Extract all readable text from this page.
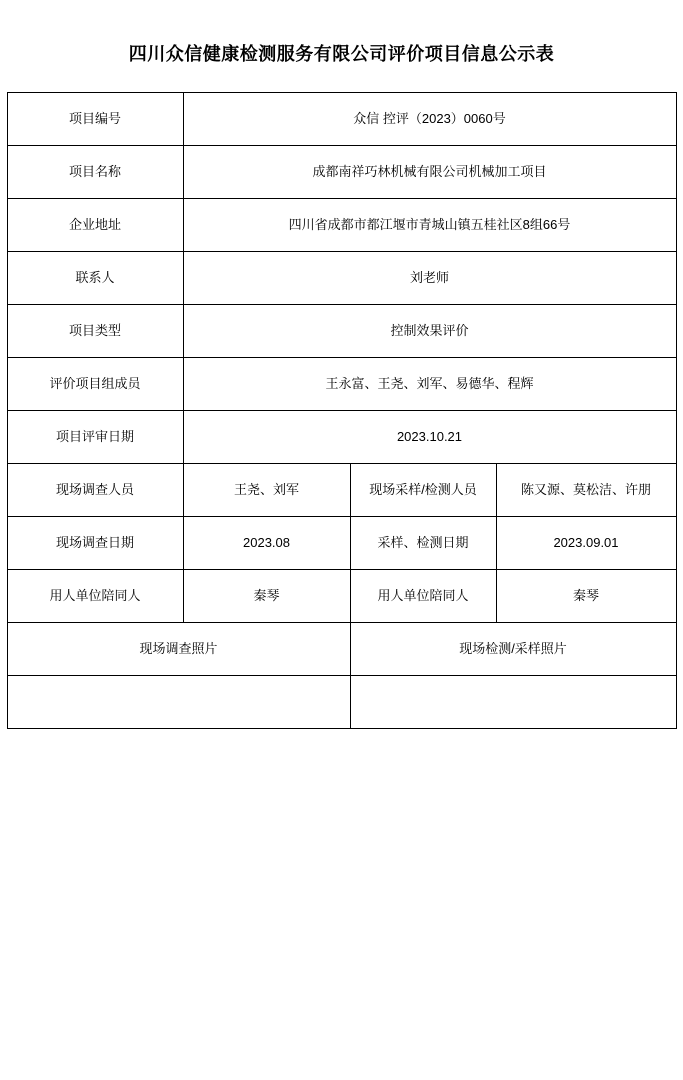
四川众信健康检测服务有限公司评价项目信息公示表
项目编号	众信 控评（2023）0060号		

项目名称	成都南祥巧林机械有限公司机械加工项目		

企业地址	四川省成都市都江堰市青城山镇五桂社区8组66号		

联系人	刘老师		

项目类型	控制效果评价		

评价项目组成员	王永富、王尧、刘军、易德华、程辉		

项目评审日期	2023.10.21		

现场调查人员	王尧、刘军	现场采样/检测人员	陈又源、莫松洁、许朋

现场调查日期	2023.08	采样、检测日期	2023.09.01

用人单位陪同人	秦琴	用人单位陪同人	秦琴

现场调查照片		现场检测/采样照片	
